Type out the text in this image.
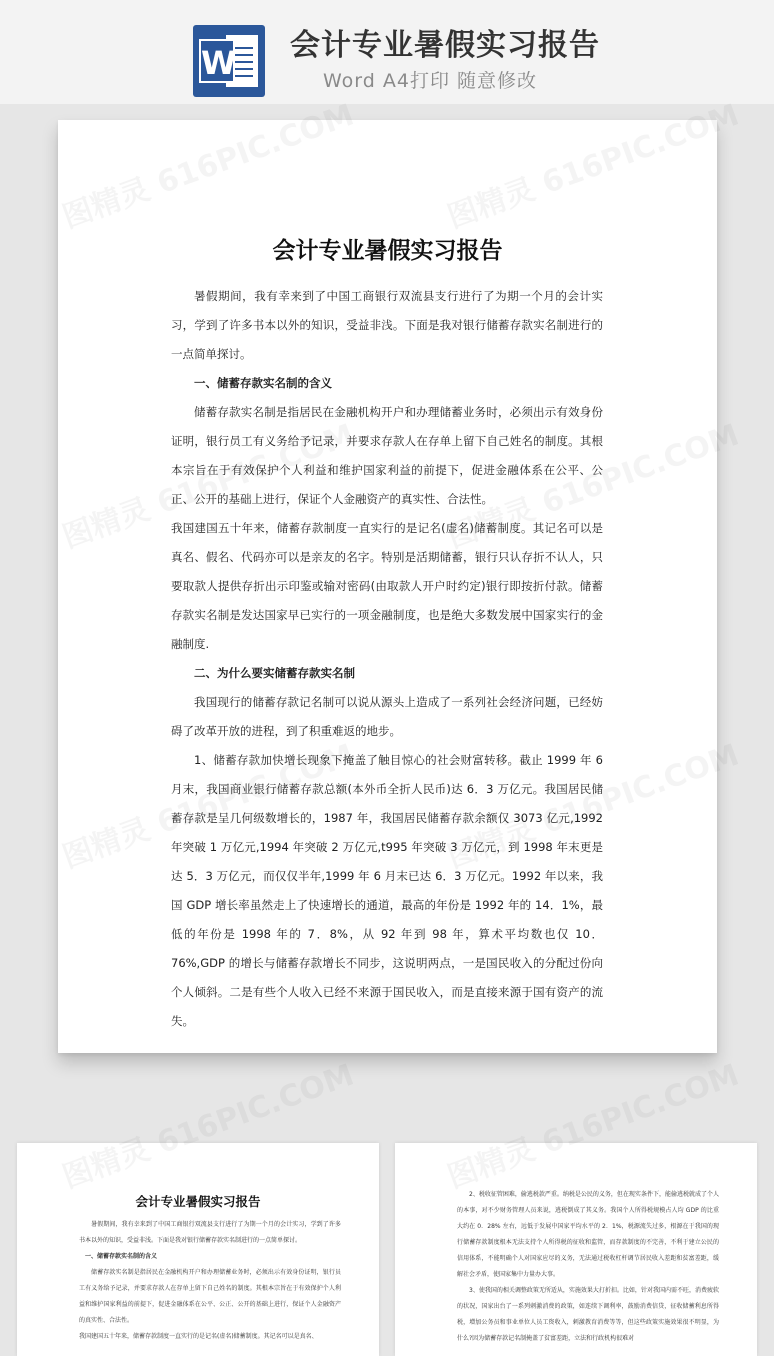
W 会计专业暑假实习报告
Word A4打印 随意修改
会计专业暑假实习报告

暑假期间，我有幸来到了中国工商银行双流县支行进行了为期一个月的会计实习，学到了许多书本以外的知识，受益非浅。下面是我对银行储蓄存款实名制进行的一点简单探讨。

一、储蓄存款实名制的含义

储蓄存款实名制是指居民在金融机构开户和办理储蓄业务时，必须出示有效身份证明，银行员工有义务给予记录，并要求存款人在存单上留下自己姓名的制度。其根本宗旨在于有效保护个人利益和维护国家利益的前提下，促进金融体系在公平、公正、公开的基础上进行，保证个人金融资产的真实性、合法性。

我国建国五十年来，储蓄存款制度一直实行的是记名(虚名)储蓄制度。其记名可以是真名、假名、代码亦可以是亲友的名字。特别是活期储蓄，银行只认存折不认人，只要取款人提供存折出示印鉴或输对密码(由取款人开户时约定)银行即按折付款。储蓄存款实名制是发达国家早已实行的一项金融制度，也是绝大多数发展中国家实行的金融制度.

二、为什么要实储蓄存款实名制

我国现行的储蓄存款记名制可以说从源头上造成了一系列社会经济问题，已经妨碍了改革开放的进程，到了积重难返的地步。

1、储蓄存款加快增长现象下掩盖了触目惊心的社会财富转移。截止 1999 年 6 月末，我国商业银行储蓄存款总额(本外币全折人民币)达 6．3 万亿元。我国居民储蓄存款是呈几何级数增长的，1987 年，我国居民储蓄存款余额仅 3073 亿元,1992 年突破 1 万亿元,1994 年突破 2 万亿元,t995 年突破 3 万亿元，到 1998 年末更是达 5．3 万亿元，而仅仅半年,1999 年 6 月末已达 6．3 万亿元。1992 年以来，我国 GDP 增长率虽然走上了快速增长的通道，最高的年份是 1992 年的 14．1%，最低的年份是 1998 年的 7．8%，从 92 年到 98 年，算术平均数也仅 10．76%,GDP 的增长与储蓄存款增长不同步，这说明两点，一是国民收入的分配过份向个人倾斜。二是有些个人收入已经不来源于国民收入，而是直接来源于国有资产的流失。

会计专业暑假实习报告

暑假期间，我有幸来到了中国工商银行双流县支行进行了为期一个月的会计实习，学到了许多书本以外的知识，受益非浅。下面是我对银行储蓄存款实名制进行的一点简单探讨。

一、储蓄存款实名制的含义

储蓄存款实名制是指居民在金融机构开户和办理储蓄业务时，必须出示有效身份证明，银行员工有义务给予记录，并要求存款人在存单上留下自己姓名的制度。其根本宗旨在于有效保护个人利益和维护国家利益的前提下，促进金融体系在公平、公正、公开的基础上进行，保证个人金融资产的真实性、合法性。

我国建国五十年来，储蓄存款制度一直实行的是记名(虚名)储蓄制度。其记名可以是真名、

2、税收征管困难，偷逃税款严重。纳税是公民的义务，但在现实条件下，能偷逃税就成了个人的本事，对不少财务管理人员来说，逃税倒成了其义务。我国个人所得税规模占人均 GDP 的比重大约在 0．28% 左右，远低于发展中国家平均水平的 2．1%，税源流失过多，根源在于我国的现行储蓄存款制度根本无法支持个人所得税的征收和监管，而存款制度的不完善，不利于建立公民的信用体系，不能明确个人对国家应尽的义务，无法通过税收杠杆调节居民收入差距和贫富差距，缓解社会矛盾，使国家集中力量办大事。

3、使我国的相关调整政策无所适从，实施效果大打折扣。比如，针对我国内需不旺，消费疲软的状况，国家出台了一系列刺激消费的政策，如连续下调利率，鼓励消费信贷，征收储蓄利息所得税，增加公务员和事业单位人员工资收入，刺激教育消费等等，但这些政策实施效果很不明显，为什么?因为储蓄存款记名制掩盖了贫富差距，立法和行政机构很难对
